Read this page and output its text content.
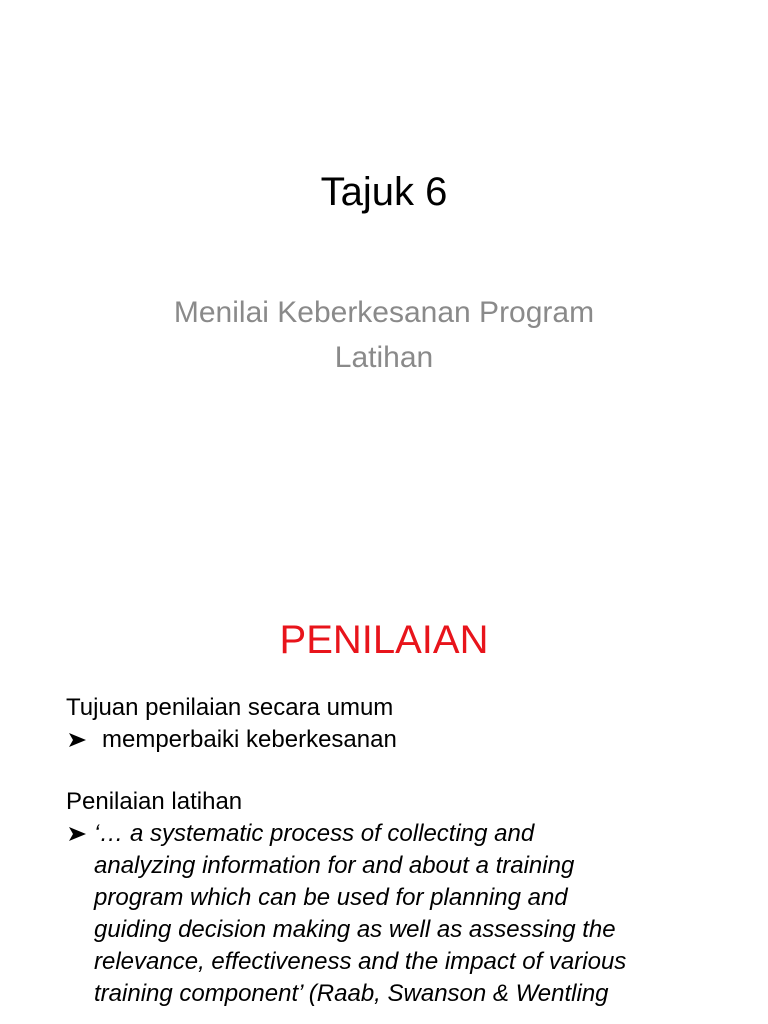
Tajuk 6
Menilai Keberkesanan Program
Latihan
PENILAIAN

Tujuan penilaian secara umum

memperbaiki keberkesanan

Penilaian latihan

‘… a systematic process of collecting and
analyzing information for and about a training
program which can be used for planning and
guiding decision making as well as assessing the
relevance, effectiveness and the impact of various
training component’ (Raab, Swanson & Wentling
